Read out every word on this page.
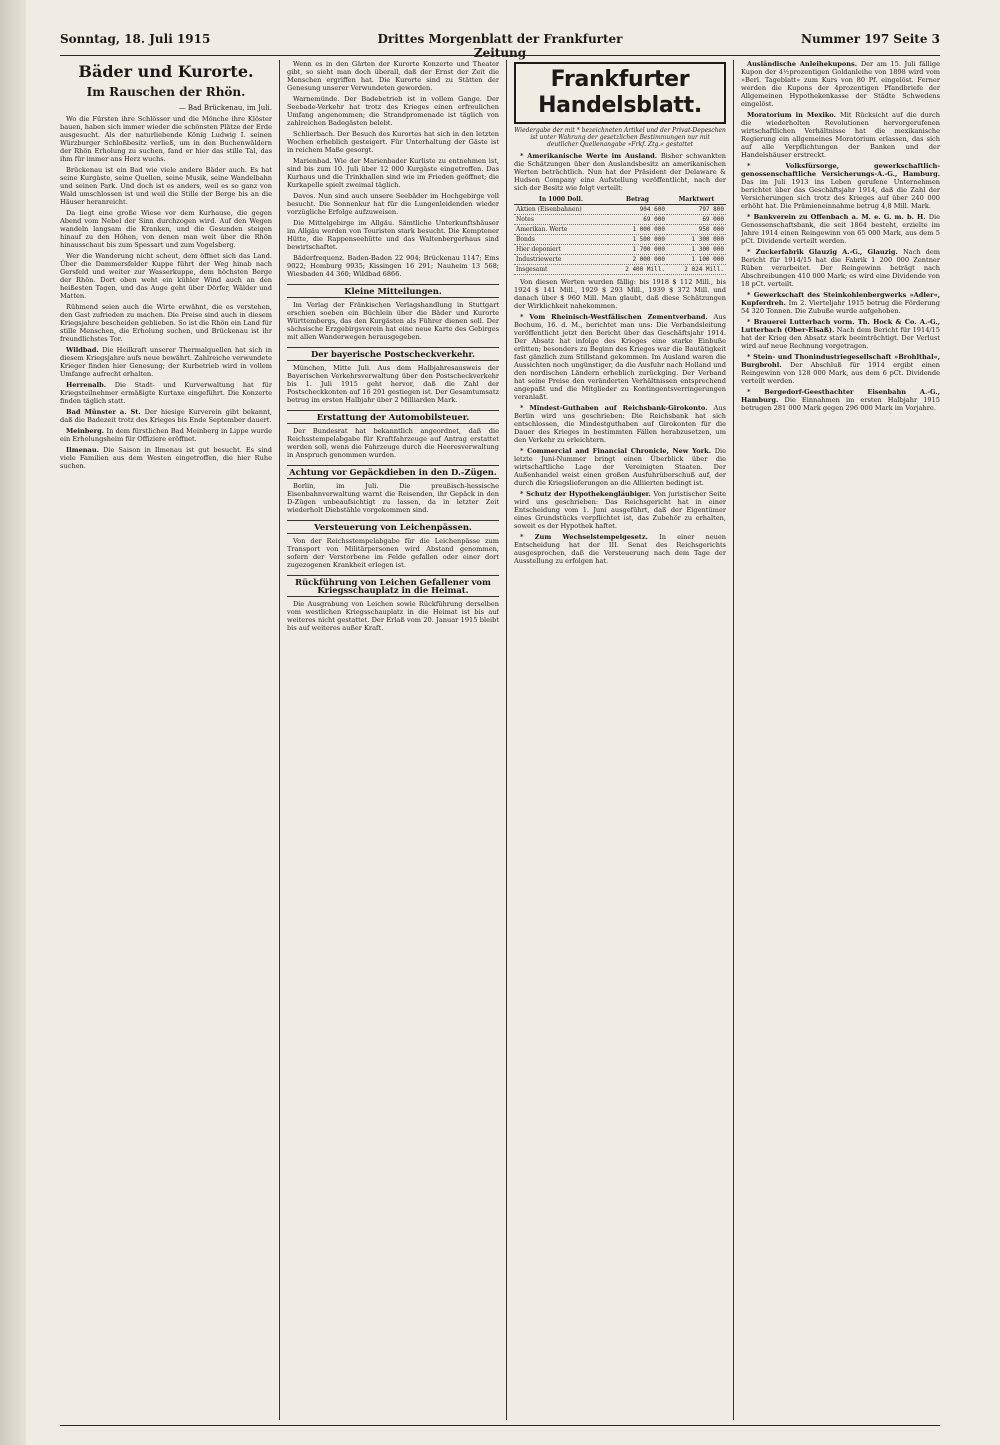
Sonntag, 18. Juli 1915	Drittes Morgenblatt der Frankfurter Zeitung
Nummer 197 Seite 3
Bäder und Kurorte.
Im Rauschen der Rhön.
— Bad Brückenau, im Juli.

Wo die Fürsten ihre Schlösser und die Mönche ihre Klöster bauen, haben sich immer wieder die schönsten Plätze der Erde ausgesucht. Als der naturliebende König Ludwig I. seinen Würzburger Schloßbesitz verließ, um in den Buchenwäldern der Rhön Erholung zu suchen, fand er hier das stille Tal, das ihm für immer ans Herz wuchs.

Brückenau ist ein Bad wie viele andere Bäder auch. Es hat seine Kurgäste, seine Quellen, seine Musik, seine Wandelbahn und seinen Park. Und doch ist es anders, weil es so ganz von Wald umschlossen ist und weil die Stille der Berge bis an die Häuser heranreicht.

Da liegt eine große Wiese vor dem Kurhause, die gegen Abend vom Nebel der Sinn durchzogen wird. Auf den Wegen wandeln langsam die Kranken, und die Gesunden steigen hinauf zu den Höhen, von denen man weit über die Rhön hinausschaut bis zum Spessart und zum Vogelsberg.

Wer die Wanderung nicht scheut, dem öffnet sich das Land. Über die Dammersfelder Kuppe führt der Weg hinab nach Gersfeld und weiter zur Wasserkuppe, dem höchsten Berge der Rhön. Dort oben weht ein kühler Wind auch an den heißesten Tagen, und das Auge geht über Dörfer, Wälder und Matten.

Rühmend seien auch die Wirte erwähnt, die es verstehen, den Gast zufrieden zu machen. Die Preise sind auch in diesem Kriegsjahre bescheiden geblieben. So ist die Rhön ein Land für stille Menschen, die Erholung suchen, und Brückenau ist ihr freundlichstes Tor.

Wildbad. Die Heilkraft unserer Thermalquellen hat sich in diesem Kriegsjahre aufs neue bewährt. Zahlreiche verwundete Krieger finden hier Genesung; der Kurbetrieb wird in vollem Umfange aufrecht erhalten.

Herrenalb. Die Stadt- und Kurverwaltung hat für Kriegsteilnehmer ermäßigte Kurtaxe eingeführt. Die Konzerte finden täglich statt.

Bad Münster a. St. Der hiesige Kurverein gibt bekannt, daß die Badezeit trotz des Krieges bis Ende September dauert.

Meinberg. In dem fürstlichen Bad Meinberg in Lippe wurde ein Erholungsheim für Offiziere eröffnet.

Ilmenau. Die Saison in Ilmenau ist gut besucht. Es sind viele Familien aus dem Westen eingetroffen, die hier Ruhe suchen.

Wenn es in den Gärten der Kurorte Konzerte und Theater gibt, so sieht man doch überall, daß der Ernst der Zeit die Menschen ergriffen hat. Die Kurorte sind zu Stätten der Genesung unserer Verwundeten geworden.

Warnemünde. Der Badebetrieb ist in vollem Gange. Der Seebade-Verkehr hat trotz des Krieges einen erfreulichen Umfang angenommen; die Strandpromenade ist täglich von zahlreichen Badegästen belebt.

Schlierbach. Der Besuch des Kurortes hat sich in den letzten Wochen erheblich gesteigert. Für Unterhaltung der Gäste ist in reichem Maße gesorgt.

Marienbad. Wie der Marienbader Kurliste zu entnehmen ist, sind bis zum 10. Juli über 12 000 Kurgäste eingetroffen. Das Kurhaus und die Trinkhallen sind wie im Frieden geöffnet; die Kurkapelle spielt zweimal täglich.

Davos. Nun sind auch unsere Seebäder im Hochgebirge voll besucht. Die Sonnenkur hat für die Lungenleidenden wieder vorzügliche Erfolge aufzuweisen.

Die Mittelgebirge im Allgäu. Sämtliche Unterkunftshäuser im Allgäu werden von Touristen stark besucht. Die Kemptener Hütte, die Rappenseehütte und das Waltenbergerhaus sind bewirtschaftet.

Bäderfrequenz. Baden-Baden 22 904; Brückenau 1147; Ems 9022; Homburg 9935; Kissingen 16 291; Nauheim 13 568; Wiesbaden 44 360; Wildbad 6866.

Kleine Mitteilungen.

Im Verlag der Fränkischen Verlagshandlung in Stuttgart erschien soeben ein Büchlein über die Bäder und Kurorte Württembergs, das den Kurgästen als Führer dienen soll. Der sächsische Erzgebirgsverein hat eine neue Karte des Gebirges mit allen Wanderwegen herausgegeben.

Der bayerische Postscheckverkehr.

München, Mitte Juli. Aus dem Halbjahresausweis der Bayerischen Verkehrsverwaltung über den Postscheckverkehr bis 1. Juli 1915 geht hervor, daß die Zahl der Postscheckkonten auf 16 291 gestiegen ist. Der Gesamtumsatz betrug im ersten Halbjahr über 2 Milliarden Mark.

Erstattung der Automobilsteuer.

Der Bundesrat hat bekanntlich angeordnet, daß die Reichsstempelabgabe für Kraftfahrzeuge auf Antrag erstattet werden soll, wenn die Fahrzeuge durch die Heeresverwaltung in Anspruch genommen wurden.

Achtung vor Gepäckdieben in den D.-Zügen.

Berlin, im Juli. Die preußisch-hessische Eisenbahnverwaltung warnt die Reisenden, ihr Gepäck in den D-Zügen unbeaufsichtigt zu lassen, da in letzter Zeit wiederholt Diebstähle vorgekommen sind.

Versteuerung von Leichenpässen.

Von der Reichsstempelabgabe für die Leichenpässe zum Transport von Militärpersonen wird Abstand genommen, sofern der Verstorbene im Felde gefallen oder einer dort zugezogenen Krankheit erlegen ist.

Rückführung von Leichen Gefallener vom Kriegsschauplatz in die Heimat.

Die Ausgrabung von Leichen sowie Rückführung derselben vom westlichen Kriegsschauplatz in die Heimat ist bis auf weiteres nicht gestattet. Der Erlaß vom 20. Januar 1915 bleibt bis auf weiteres außer Kraft.

Frankfurter Handelsblatt.
Wiedergabe der mit * bezeichneten Artikel und der Privat-Depeschen ist unter Wahrung der gesetzlichen Bestimmungen nur mit deutlicher Quellenangabe »Frkf. Ztg.« gestattet

* Amerikanische Werte im Ausland. Bisher schwankten die Schätzungen über den Auslandsbesitz an amerikanischen Werten beträchtlich. Nun hat der Präsident der Delaware & Hudson Company eine Aufstellung veröffentlicht, nach der sich der Besitz wie folgt verteilt:

In 1000 Doll.	Betrag	Marktwert
Aktien (Eisenbahnen)	904 600	797 800
Notes	69 000	69 000
Amerikan. Werte	1 000 000	950 000
Bonds	1 500 000	1 300 000
Hier deponiert	1 700 000	1 300 000
Industriewerte	2 000 000	1 100 000
Insgesamt	2 400 Mill.	2 024 Mill.

Von diesen Werten wurden fällig: bis 1918 $ 112 Mill., bis 1924 $ 141 Mill., 1929 $ 293 Mill., 1939 $ 372 Mill. und danach über $ 960 Mill. Man glaubt, daß diese Schätzungen der Wirklichkeit nahekommen.

* Vom Rheinisch-Westfälischen Zementverband. Aus Bochum, 16. d. M., berichtet man uns: Die Verbandsleitung veröffentlicht jetzt den Bericht über das Geschäftsjahr 1914. Der Absatz hat infolge des Krieges eine starke Einbuße erlitten; besonders zu Beginn des Krieges war die Bautätigkeit fast gänzlich zum Stillstand gekommen. Im Ausland waren die Aussichten noch ungünstiger, da die Ausfuhr nach Holland und den nordischen Ländern erheblich zurückging. Der Verband hat seine Preise den veränderten Verhältnissen entsprechend angepaßt und die Mitglieder zu Kontingentsverringerungen veranlaßt.

* Mindest-Guthaben auf Reichsbank-Girokonto. Aus Berlin wird uns geschrieben: Die Reichsbank hat sich entschlossen, die Mindestguthaben auf Girokonten für die Dauer des Krieges in bestimmten Fällen herabzusetzen, um den Verkehr zu erleichtern.

* Commercial and Financial Chronicle, New York. Die letzte Juni-Nummer bringt einen Überblick über die wirtschaftliche Lage der Vereinigten Staaten. Der Außenhandel weist einen großen Ausfuhrüberschuß auf, der durch die Kriegslieferungen an die Alliierten bedingt ist.

* Schutz der Hypothekengläubiger. Von juristischer Seite wird uns geschrieben: Das Reichsgericht hat in einer Entscheidung vom 1. Juni ausgeführt, daß der Eigentümer eines Grundstücks verpflichtet ist, das Zubehör zu erhalten, soweit es der Hypothek haftet.

* Zum Wechselstempelgesetz. In einer neuen Entscheidung hat der III. Senat des Reichsgerichts ausgesprochen, daß die Versteuerung nach dem Tage der Ausstellung zu erfolgen hat.

Ausländische Anleihekupons. Der am 15. Juli fällige Kupon der 4½prozentigen Goldanleihe von 1898 wird vom »Berl. Tageblatt« zum Kurs von 80 Pf. eingelöst. Ferner werden die Kupons der 4prozentigen Pfandbriefe der Allgemeinen Hypothekenkasse der Städte Schwedens eingelöst.

Moratorium in Mexiko. Mit Rücksicht auf die durch die wiederholten Revolutionen hervorgerufenen wirtschaftlichen Verhältnisse hat die mexikanische Regierung ein allgemeines Moratorium erlassen, das sich auf alle Verpflichtungen der Banken und der Handelshäuser erstreckt.

* Volksfürsorge, gewerkschaftlich-genossenschaftliche Versicherungs-A.-G., Hamburg. Das im Juli 1913 ins Leben gerufene Unternehmen berichtet über das Geschäftsjahr 1914, daß die Zahl der Versicherungen sich trotz des Krieges auf über 240 000 erhöht hat. Die Prämieneinnahme betrug 4,8 Mill. Mark.

* Bankverein zu Offenbach a. M. e. G. m. b. H. Die Genossenschaftsbank, die seit 1864 besteht, erzielte im Jahre 1914 einen Reingewinn von 65 000 Mark, aus dem 5 pCt. Dividende verteilt werden.

* Zuckerfabrik Glauzig A.-G., Glauzig. Nach dem Bericht für 1914/15 hat die Fabrik 1 200 000 Zentner Rüben verarbeitet. Der Reingewinn beträgt nach Abschreibungen 410 000 Mark; es wird eine Dividende von 18 pCt. verteilt.

* Gewerkschaft des Steinkohlenbergwerks »Adler«, Kupferdreh. Im 2. Vierteljahr 1915 betrug die Förderung 54 320 Tonnen. Die Zubuße wurde aufgehoben.

* Brauerei Lutterbach vorm. Th. Hock & Co. A.-G., Lutterbach (Ober-Elsaß). Nach dem Bericht für 1914/15 hat der Krieg den Absatz stark beeinträchtigt. Der Verlust wird auf neue Rechnung vorgetragen.

* Stein- und Thonindustriegesellschaft »Brohlthal«, Burgbrohl. Der Abschluß für 1914 ergibt einen Reingewinn von 128 000 Mark, aus dem 6 pCt. Dividende verteilt werden.

* Bergedorf-Geesthachter Eisenbahn A.-G., Hamburg. Die Einnahmen im ersten Halbjahr 1915 betrugen 281 000 Mark gegen 296 000 Mark im Vorjahre.
